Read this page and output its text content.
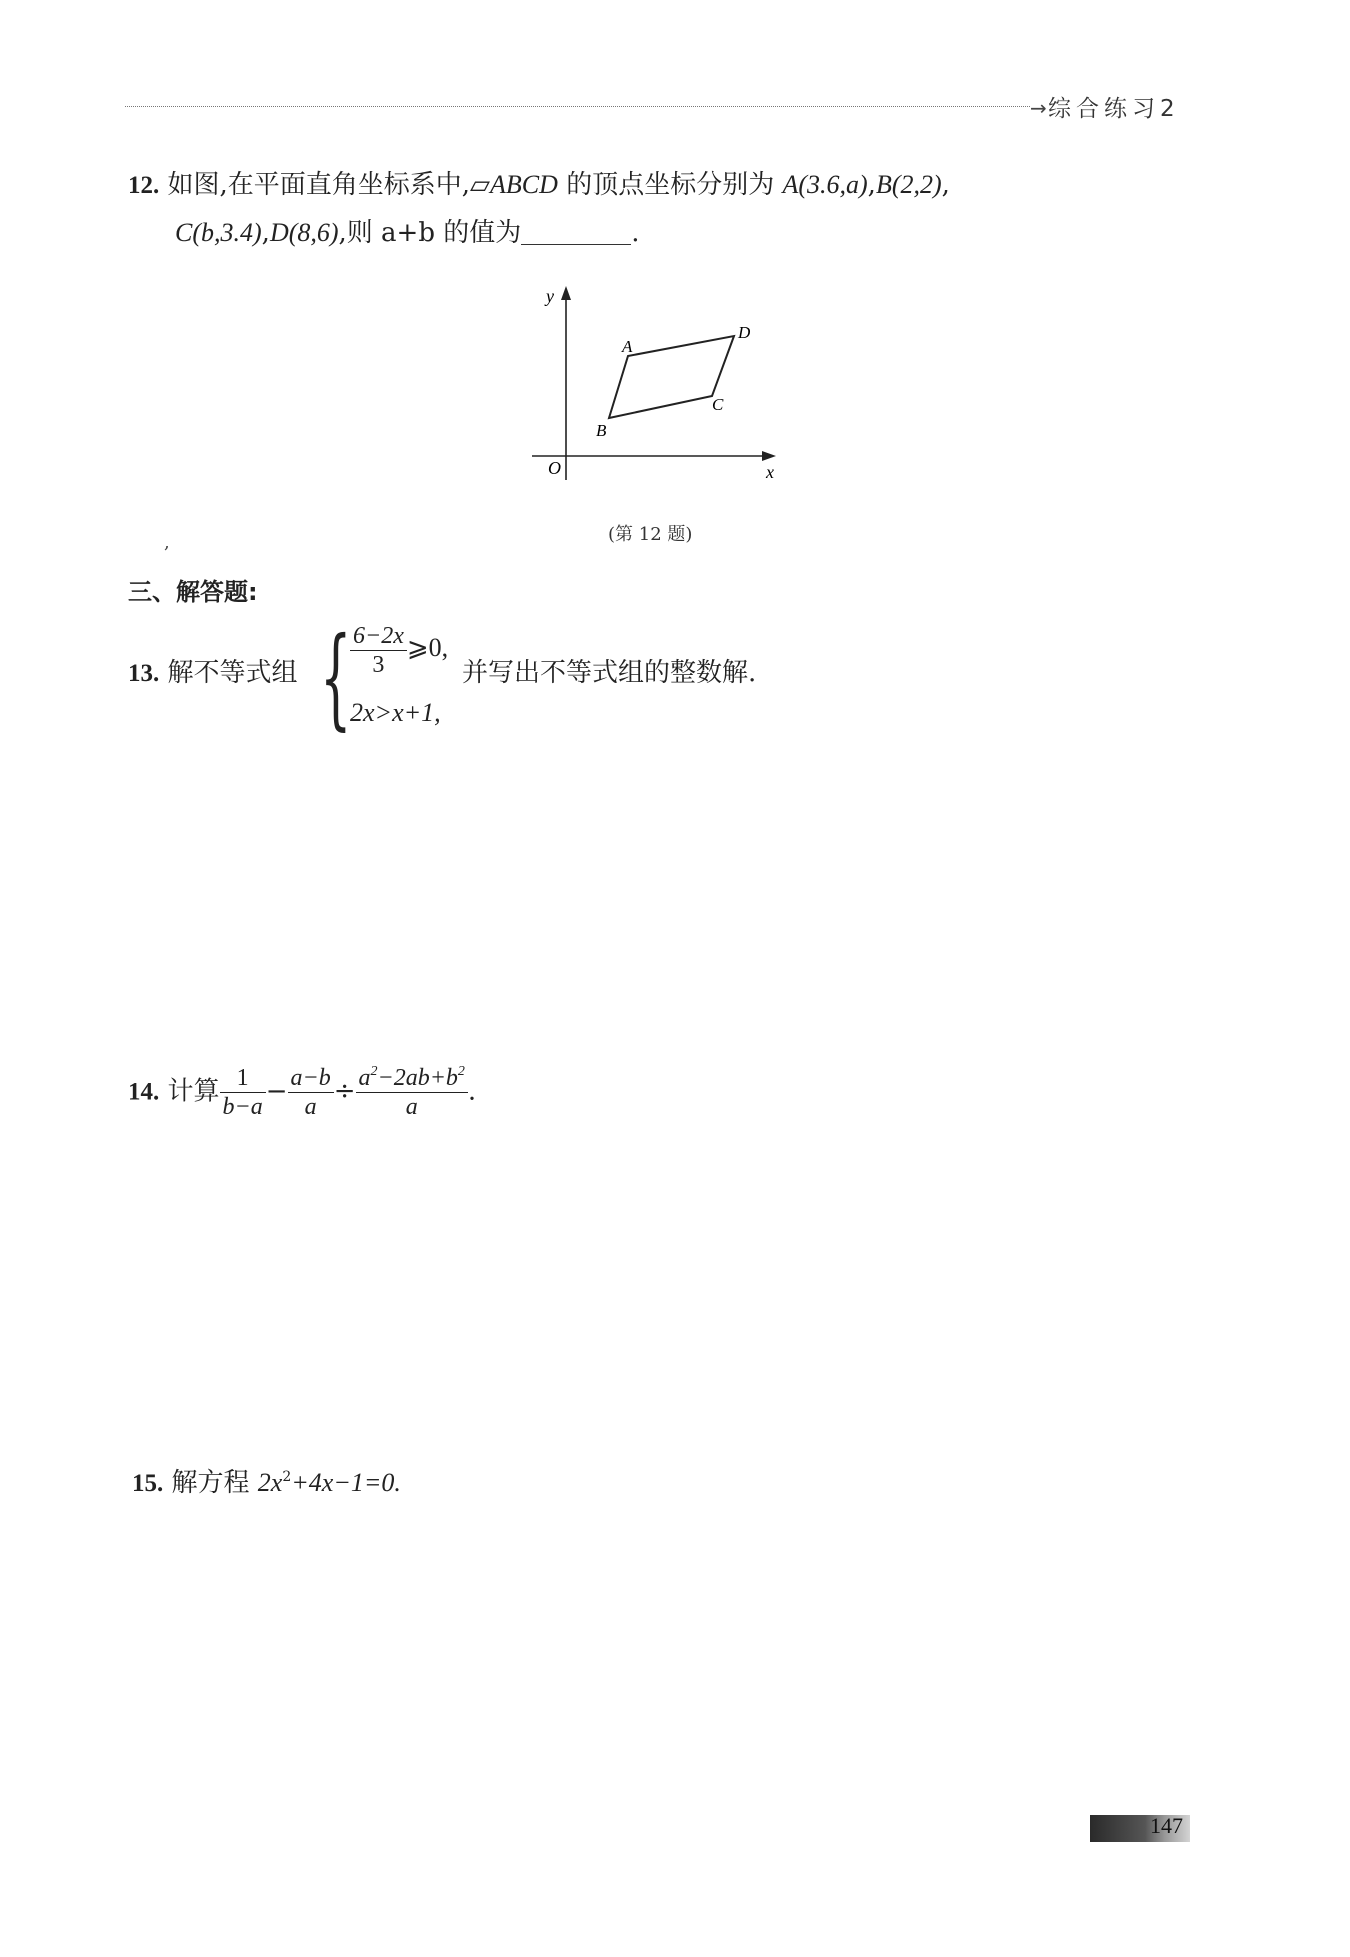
→ 综合练习2
12. 如图,在平面直角坐标系中,▱ABCD 的顶点坐标分别为 A(3.6,a),B(2,2),
C(b,3.4),D(8,6),则 a+b 的值为	.
y
x
O
A
B
C
D
(第 12 题)
,
三、解答题:
13. 解不等式组 {
$\frac{6-2x}{3}$ ⩾0,
2x>x+1,
并写出不等式组的整数解.
14. 计算 $\frac{1}{b-a} - \frac{a-b}{a} \div \frac{a^2-2ab+b^2}{a}$ .
15. 解方程 $2x^2+4x-1=0$.
147
